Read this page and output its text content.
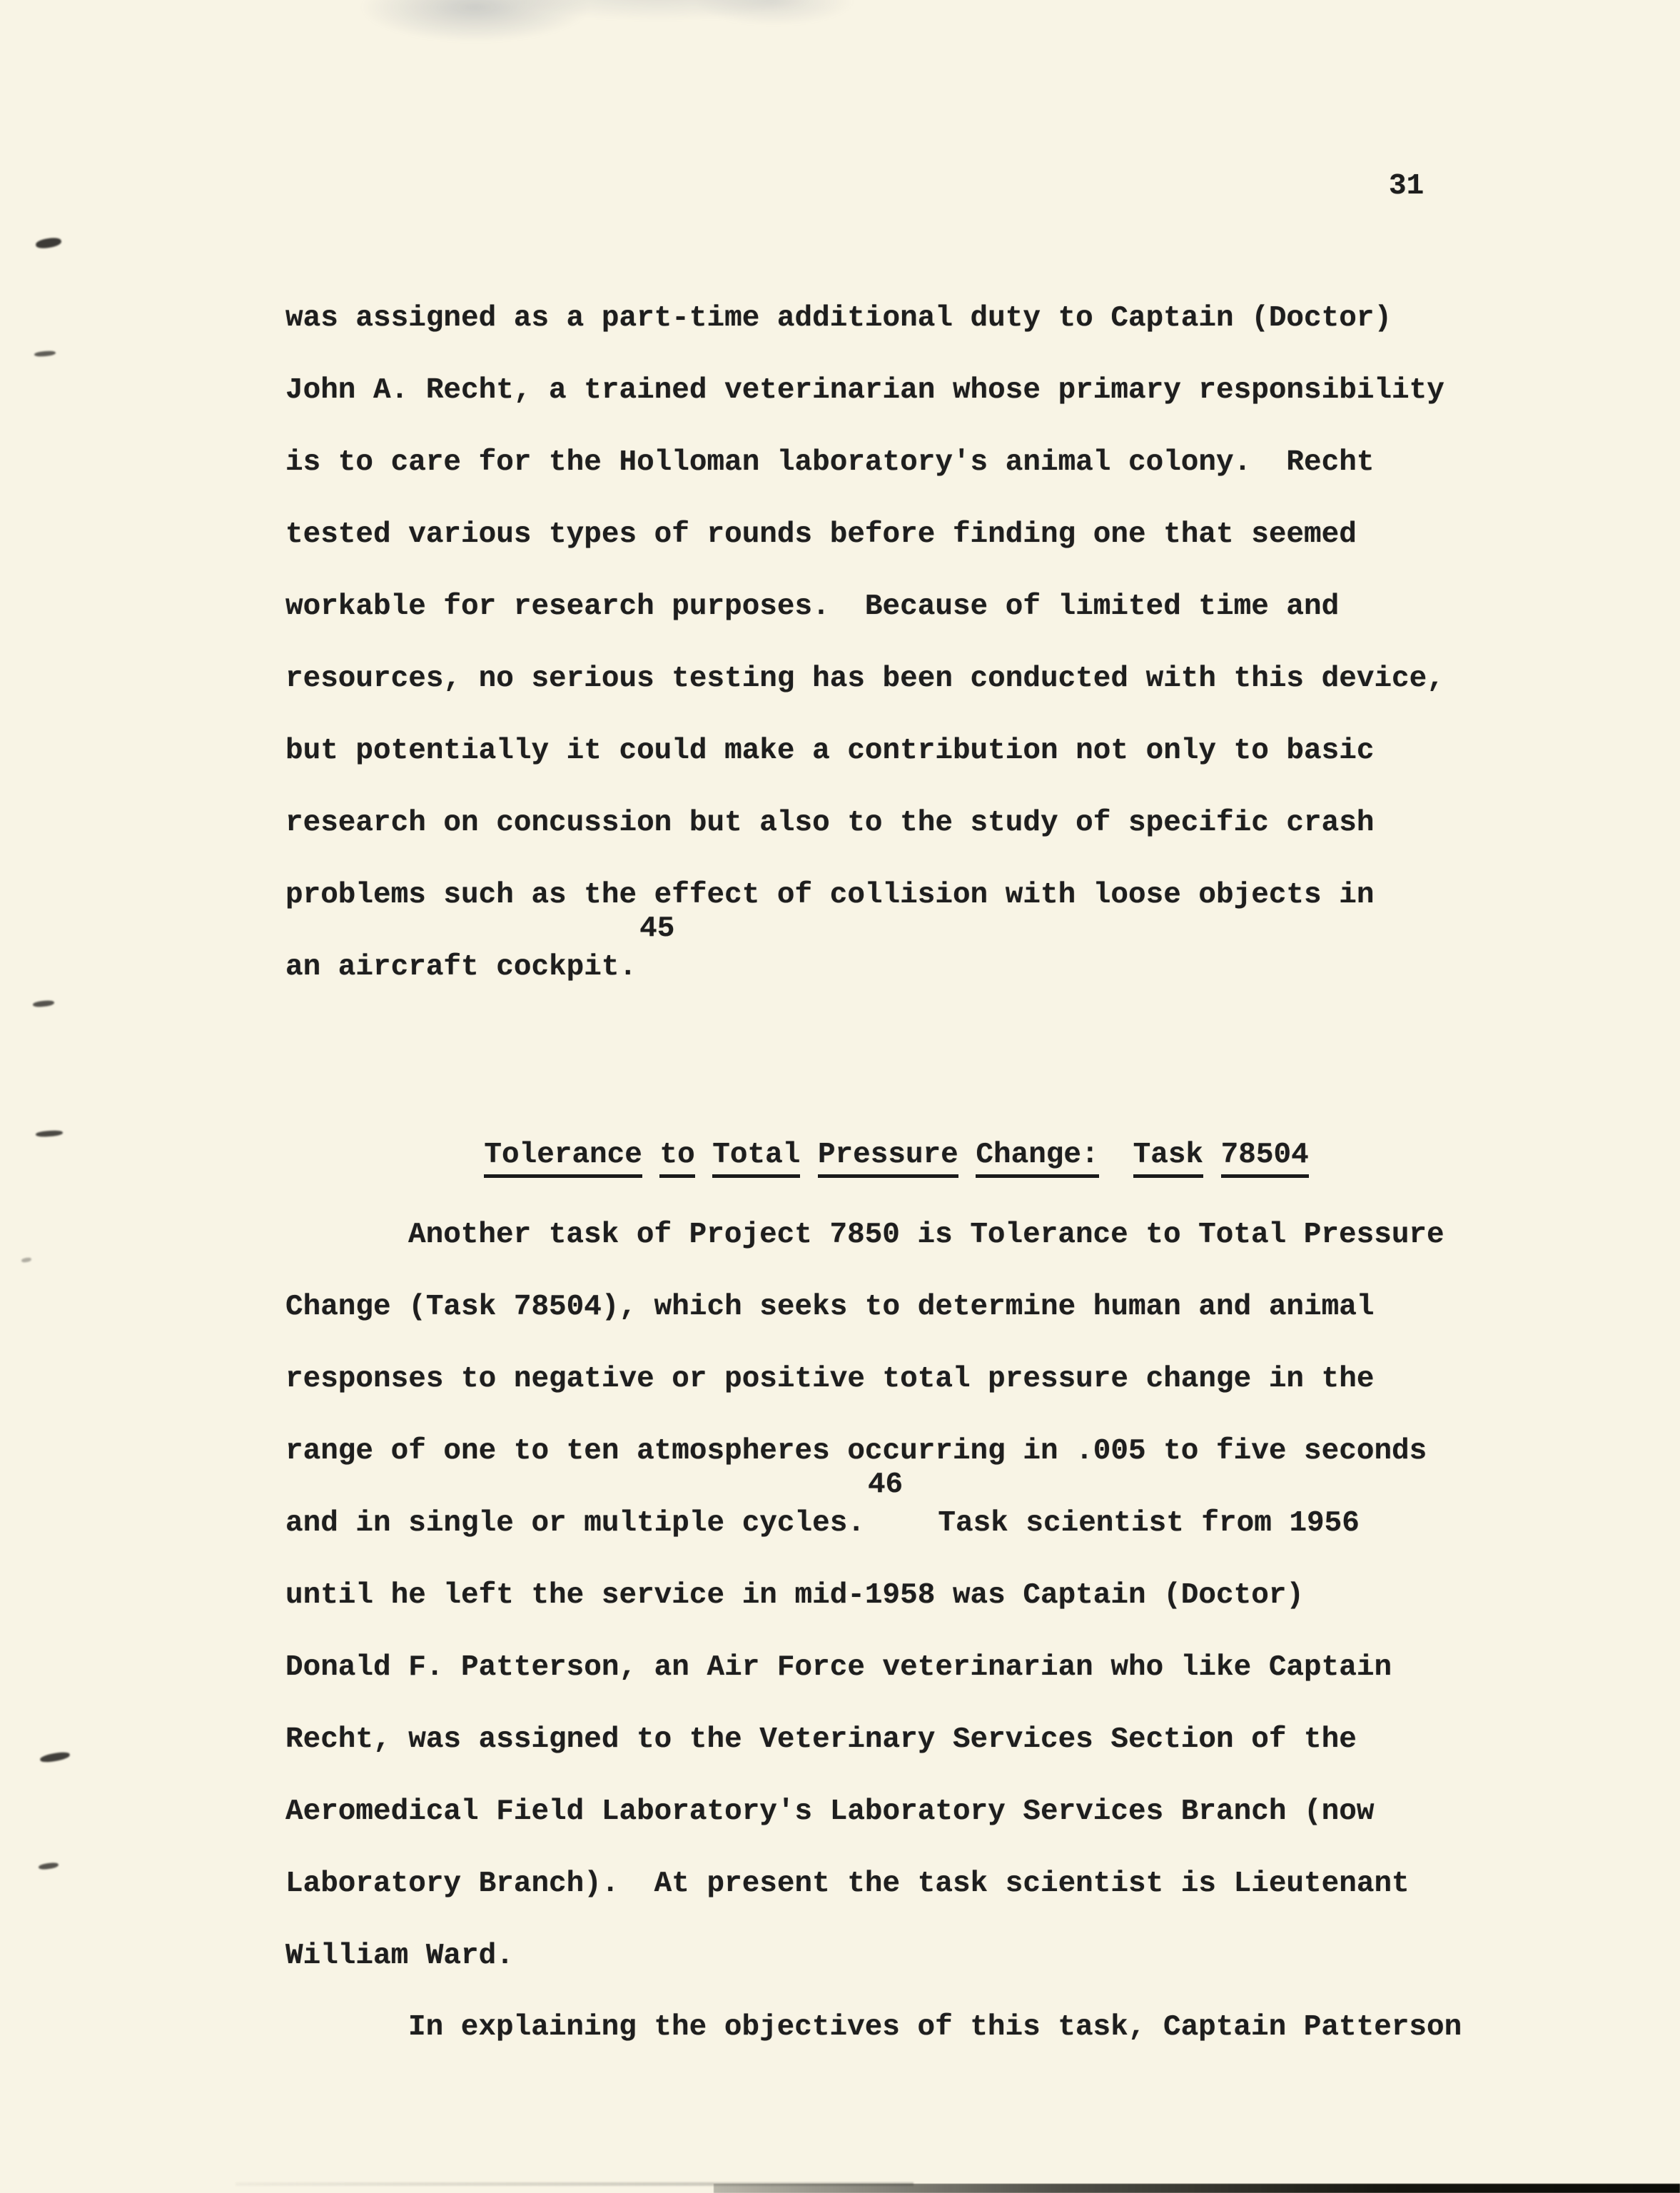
31
was assigned as a part-time additional duty to Captain (Doctor)
John A. Recht, a trained veterinarian whose primary responsibility
is to care for the Holloman laboratory's animal colony.  Recht
tested various types of rounds before finding one that seemed
workable for research purposes.  Because of limited time and
resources, no serious testing has been conducted with this device,
but potentially it could make a contribution not only to basic
research on concussion but also to the study of specific crash
problems such as the effect of collision with loose objects in
an aircraft cockpit.45

Tolerance to Total Pressure Change: Task 78504

Another task of Project 7850 is Tolerance to Total Pressure
Change (Task 78504), which seeks to determine human and animal
responses to negative or positive total pressure change in the
range of one to ten atmospheres occurring in .005 to five seconds
and in single or multiple cycles.46  Task scientist from 1956
until he left the service in mid-1958 was Captain (Doctor)
Donald F. Patterson, an Air Force veterinarian who like Captain
Recht, was assigned to the Veterinary Services Section of the
Aeromedical Field Laboratory's Laboratory Services Branch (now
Laboratory Branch).  At present the task scientist is Lieutenant
William Ward.
In explaining the objectives of this task, Captain Patterson
